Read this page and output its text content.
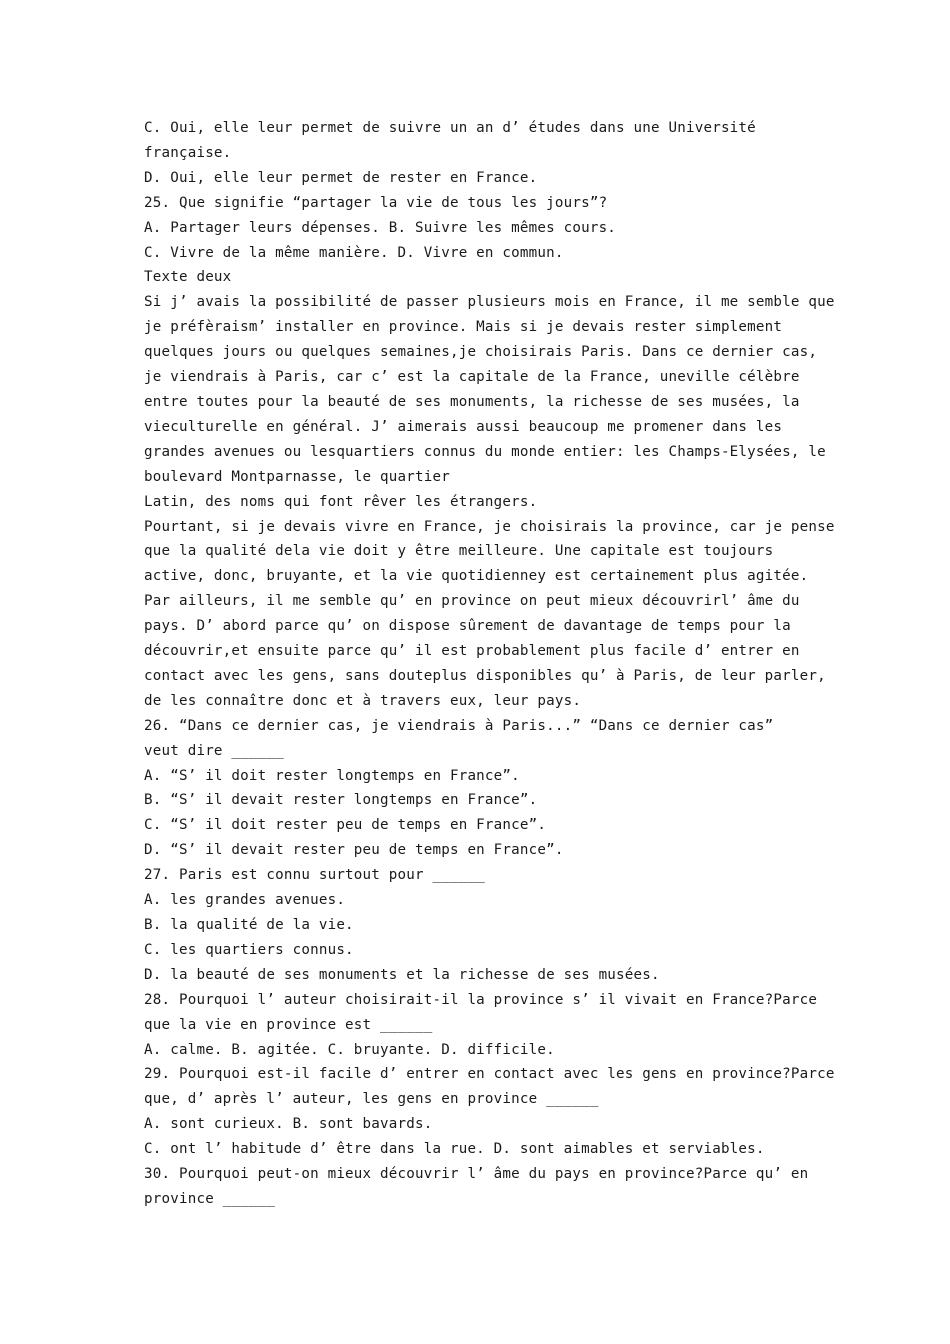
C. Oui, elle leur permet de suivre un an d’ études dans une Université
française.
D. Oui, elle leur permet de rester en France.
25. Que signifie “partager la vie de tous les jours”?
A. Partager leurs dépenses. B. Suivre les mêmes cours.
C. Vivre de la même manière. D. Vivre en commun.
Texte deux
Si j’ avais la possibilité de passer plusieurs mois en France, il me semble que
je préfèraism’ installer en province. Mais si je devais rester simplement
quelques jours ou quelques semaines,je choisirais Paris. Dans ce dernier cas,
je viendrais à Paris, car c’ est la capitale de la France, uneville célèbre
entre toutes pour la beauté de ses monuments, la richesse de ses musées, la
vieculturelle en général. J’ aimerais aussi beaucoup me promener dans les
grandes avenues ou lesquartiers connus du monde entier: les Champs-Elysées, le
boulevard Montparnasse, le quartier
Latin, des noms qui font rêver les étrangers.
Pourtant, si je devais vivre en France, je choisirais la province, car je pense
que la qualité dela vie doit y être meilleure. Une capitale est toujours
active, donc, bruyante, et la vie quotidienney est certainement plus agitée.
Par ailleurs, il me semble qu’ en province on peut mieux découvrirl’ âme du
pays. D’ abord parce qu’ on dispose sûrement de davantage de temps pour la
découvrir,et ensuite parce qu’ il est probablement plus facile d’ entrer en
contact avec les gens, sans douteplus disponibles qu’ à Paris, de leur parler,
de les connaître donc et à travers eux, leur pays.
26. “Dans ce dernier cas, je viendrais à Paris...” “Dans ce dernier cas”
veut dire ______
A. “S’ il doit rester longtemps en France”.
B. “S’ il devait rester longtemps en France”.
C. “S’ il doit rester peu de temps en France”.
D. “S’ il devait rester peu de temps en France”.
27. Paris est connu surtout pour ______
A. les grandes avenues.
B. la qualité de la vie.
C. les quartiers connus.
D. la beauté de ses monuments et la richesse de ses musées.
28. Pourquoi l’ auteur choisirait-il la province s’ il vivait en France?Parce
que la vie en province est ______
A. calme. B. agitée. C. bruyante. D. difficile.
29. Pourquoi est-il facile d’ entrer en contact avec les gens en province?Parce
que, d’ après l’ auteur, les gens en province ______
A. sont curieux. B. sont bavards.
C. ont l’ habitude d’ être dans la rue. D. sont aimables et serviables.
30. Pourquoi peut-on mieux découvrir l’ âme du pays en province?Parce qu’ en
province ______
